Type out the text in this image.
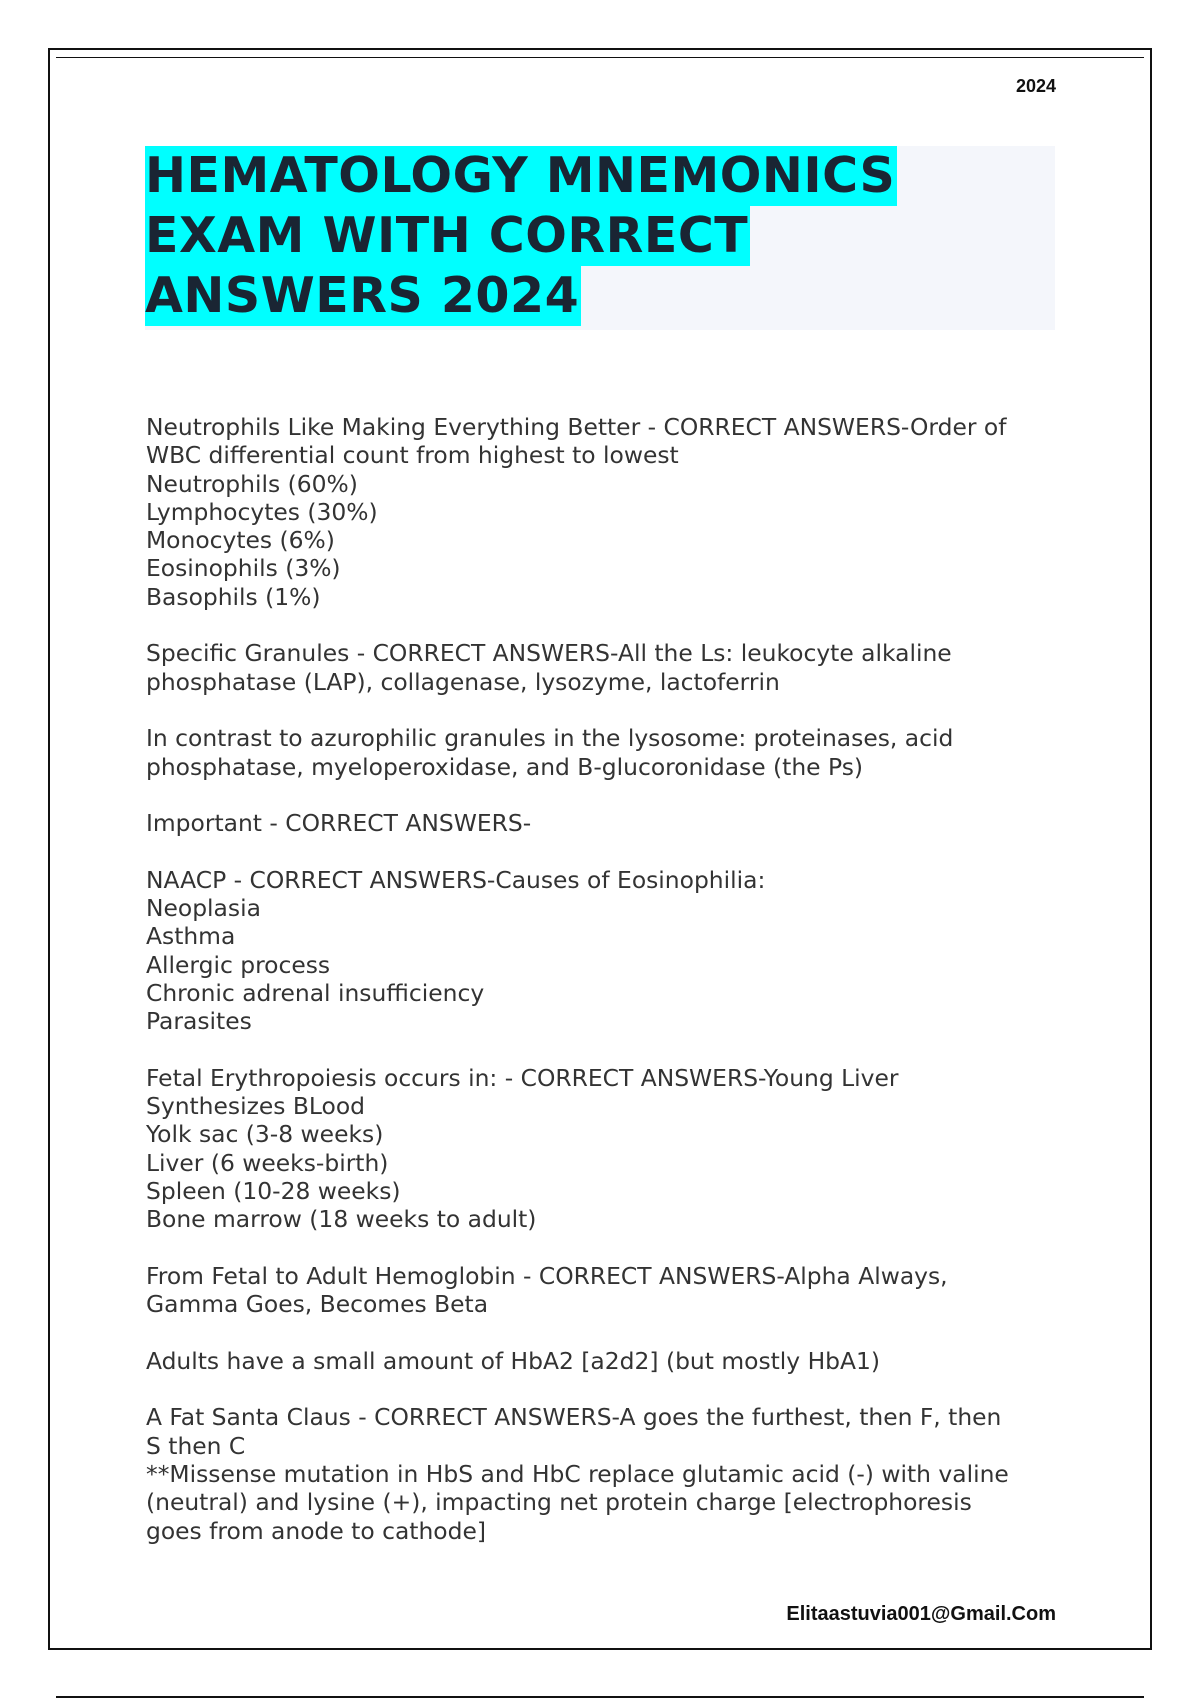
2024
HEMATOLOGY MNEMONICS
EXAM WITH CORRECT
ANSWERS 2024
Neutrophils Like Making Everything Better - CORRECT ANSWERS-Order of
WBC differential count from highest to lowest
Neutrophils (60%)
Lymphocytes (30%)
Monocytes (6%)
Eosinophils (3%)
Basophils (1%)
Specific Granules - CORRECT ANSWERS-All the Ls: leukocyte alkaline
phosphatase (LAP), collagenase, lysozyme, lactoferrin
In contrast to azurophilic granules in the lysosome: proteinases, acid
phosphatase, myeloperoxidase, and B-glucoronidase (the Ps)
Important - CORRECT ANSWERS-
NAACP - CORRECT ANSWERS-Causes of Eosinophilia:
Neoplasia
Asthma
Allergic process
Chronic adrenal insufficiency
Parasites
Fetal Erythropoiesis occurs in: - CORRECT ANSWERS-Young Liver
Synthesizes BLood
Yolk sac (3-8 weeks)
Liver (6 weeks-birth)
Spleen (10-28 weeks)
Bone marrow (18 weeks to adult)
From Fetal to Adult Hemoglobin - CORRECT ANSWERS-Alpha Always,
Gamma Goes, Becomes Beta
Adults have a small amount of HbA2 [a2d2] (but mostly HbA1)
A Fat Santa Claus - CORRECT ANSWERS-A goes the furthest, then F, then
S then C
**Missense mutation in HbS and HbC replace glutamic acid (-) with valine
(neutral) and lysine (+), impacting net protein charge [electrophoresis
goes from anode to cathode]
Elitaastuvia001@Gmail.Com
